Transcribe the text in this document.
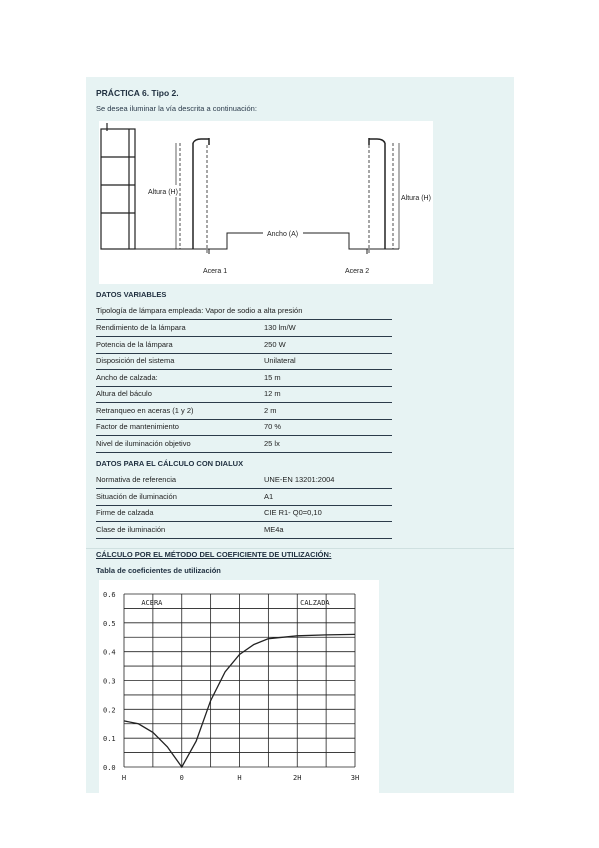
PRÁCTICA 6. Tipo 2.
Se desea iluminar la vía descrita a continuación:
Altura (H)
Altura (H)
Ancho (A)
Acera 1	Acera 2
DATOS VARIABLES
Tipología de lámpara empleada: Vapor de sodio a alta presión
Rendimiento de la lámpara	130 lm/W
Potencia de la lámpara	250 W
Disposición del sistema	Unilateral
Ancho de calzada:	15 m
Altura del báculo	12 m
Retranqueo en aceras (1 y 2)	2 m
Factor de mantenimiento	70 %
Nivel de iluminación objetivo	25 lx
DATOS PARA EL CÁLCULO CON DIALUX
Normativa de referencia	UNE-EN 13201:2004
Situación de iluminación	A1
Firme de calzada	CIE R1- Q0=0,10
Clase de iluminación	ME4a
CÁLCULO POR EL MÉTODO DEL COEFICIENTE DE UTILIZACIÓN:
Tabla de coeficientes de utilización
0.0
0.1
0.2
0.3
0.4
0.5
0.6
H	0	H	2H	3H
ACERA	CALZADA
